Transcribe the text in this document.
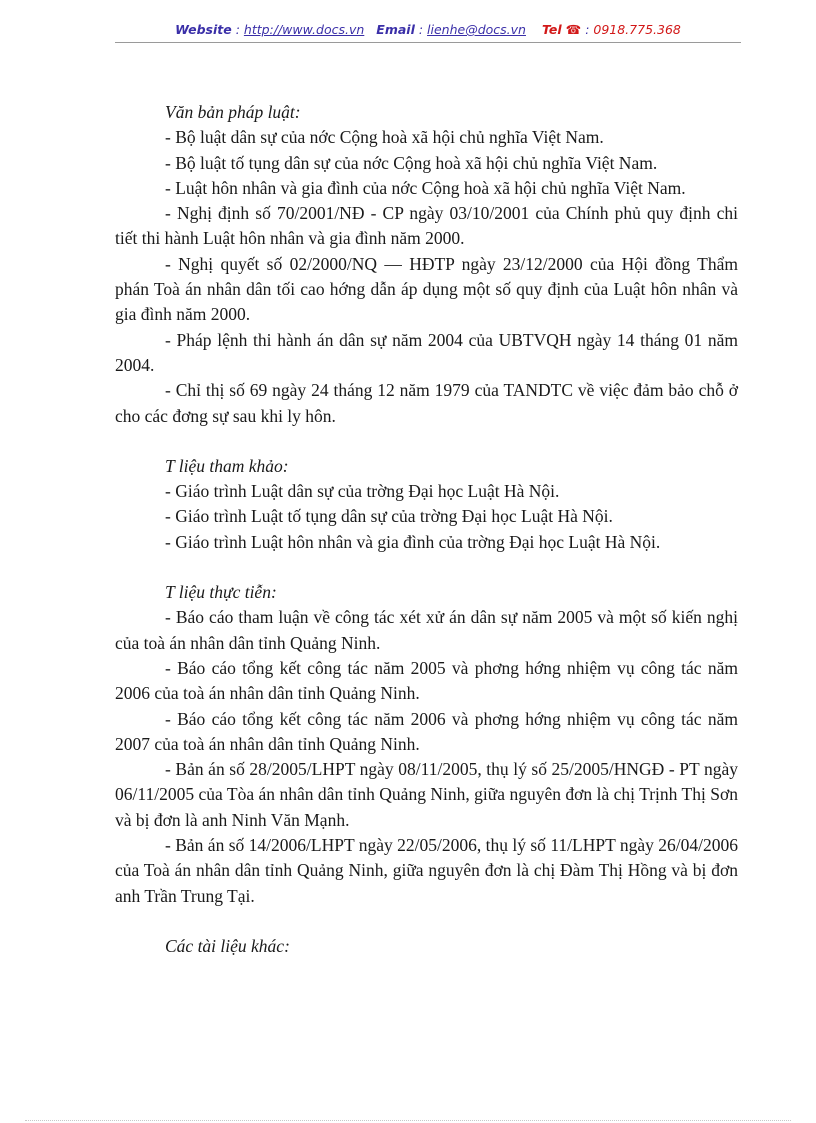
Website : http://www.docs.vn Email : lienhe@docs.vn Tel ☎ : 0918.775.368

Văn bản pháp luật:

- Bộ luật dân sự của nớc Cộng hoà xã hội chủ nghĩa Việt Nam.

- Bộ luật tố tụng dân sự của nớc Cộng hoà xã hội chủ nghĩa Việt Nam.

- Luật hôn nhân và gia đình của nớc Cộng hoà xã hội chủ nghĩa Việt Nam.

- Nghị định số 70/2001/NĐ - CP ngày 03/10/2001 của Chính phủ quy định chi tiết thi hành Luật hôn nhân và gia đình năm 2000.

- Nghị quyết số 02/2000/NQ — HĐTP ngày 23/12/2000 của Hội đồng Thẩm phán Toà án nhân dân tối cao hớng dẫn áp dụng một số quy định của Luật hôn nhân và gia đình năm 2000.

- Pháp lệnh thi hành án dân sự năm 2004 của UBTVQH ngày 14 tháng 01 năm 2004.

- Chỉ thị số 69 ngày 24 tháng 12 năm 1979 của TANDTC về việc đảm bảo chỗ ở cho các đơng sự sau khi ly hôn.

T liệu tham khảo:

- Giáo trình Luật dân sự của trờng Đại học Luật Hà Nội.

- Giáo trình Luật tố tụng dân sự của trờng Đại học Luật Hà Nội.

- Giáo trình Luật hôn nhân và gia đình của trờng Đại học Luật Hà Nội.

T liệu thực tiễn:

- Báo cáo tham luận về công tác xét xử án dân sự năm 2005 và một số kiến nghị của toà án nhân dân tỉnh Quảng Ninh.

- Báo cáo tổng kết công tác năm 2005 và phơng hớng nhiệm vụ công tác năm 2006 của toà án nhân dân tỉnh Quảng Ninh.

- Báo cáo tổng kết công tác năm 2006 và phơng hớng nhiệm vụ công tác năm 2007 của toà án nhân dân tỉnh Quảng Ninh.

- Bản án số 28/2005/LHPT ngày 08/11/2005, thụ lý số 25/2005/HNGĐ - PT ngày 06/11/2005 của Tòa án nhân dân tỉnh Quảng Ninh, giữa nguyên đơn là chị Trịnh Thị Sơn và bị đơn là anh Ninh Văn Mạnh.

- Bản án số 14/2006/LHPT ngày 22/05/2006, thụ lý số 11/LHPT ngày 26/04/2006 của Toà án nhân dân tỉnh Quảng Ninh, giữa nguyên đơn là chị Đàm Thị Hồng và bị đơn anh Trần Trung Tại.

Các tài liệu khác:
